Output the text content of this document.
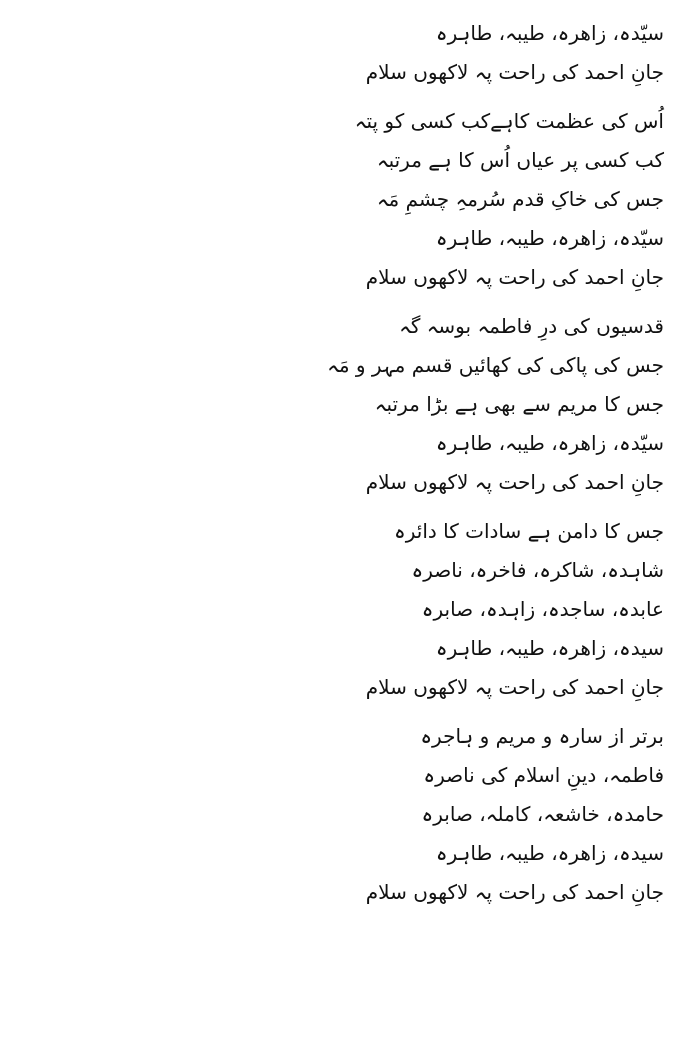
سیّدہ، زاھرہ، طیبہ، طاہرہ
جانِ احمد کی راحت پہ لاکھوں سلام
اُس کی عظمت کاہےکب کسی کو پتہ
کب کسی پر عیاں اُس کا ہے مرتبہ
جس کی خاکِ قدم سُرمہِ چشمِ مَہ
سیّدہ، زاھرہ، طیبہ، طاہرہ
جانِ احمد کی راحت پہ لاکھوں سلام
قدسیوں کی درِ فاطمہ بوسہ گہ
جس کی پاکی کی کھائیں قسم مہر و مَہ
جس کا مریم سے بھی ہے بڑا مرتبہ
سیّدہ، زاھرہ، طیبہ، طاہرہ
جانِ احمد کی راحت پہ لاکھوں سلام
جس کا دامن ہے سادات کا دائرہ
شاہدہ، شاکرہ، فاخرہ، ناصرہ
عابدہ، ساجدہ، زاہدہ، صابرہ
سیدہ، زاھرہ، طیبہ، طاہرہ
جانِ احمد کی راحت پہ لاکھوں سلام
برتر از سارہ و مریم و ہاجرہ
فاطمہ، دینِ اسلام کی ناصرہ
حامدہ، خاشعہ، کاملہ، صابرہ
سیدہ، زاھرہ، طیبہ، طاہرہ
جانِ احمد کی راحت پہ لاکھوں سلام
